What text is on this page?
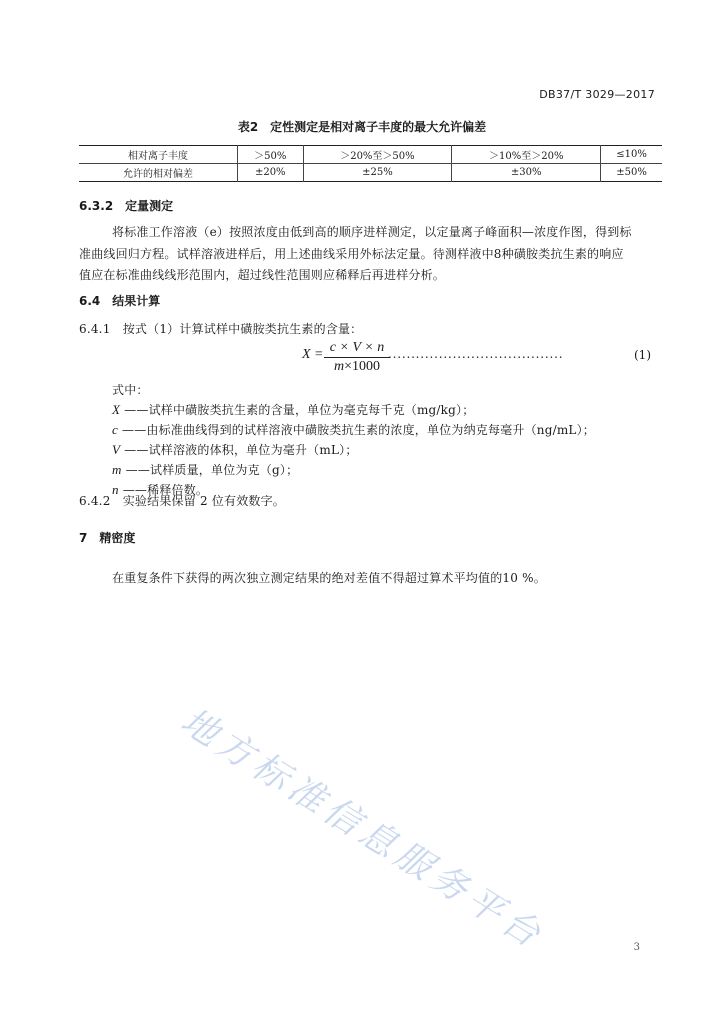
DB37/T 3029—2017
表2　定性测定是相对离子丰度的最大允许偏差
相对离子丰度	＞50%	＞20%至＞50%	＞10%至＞20%	≤10%
允许的相对偏差	±20%	±25%	±30%	±50%
6.3.2　定量测定
将标准工作溶液（e）按照浓度由低到高的顺序进样测定，以定量离子峰面积—浓度作图，得到标
准曲线回归方程。试样溶液进样后，用上述曲线采用外标法定量。待测样液中8种磺胺类抗生素的响应
值应在标准曲线线形范围内，超过线性范围则应稀释后再进样分析。
6.4　结果计算
6.4.1　按式（1）计算试样中磺胺类抗生素的含量：
X = c × V × n
m×1000
......................................	(1)
式中：
X ——试样中磺胺类抗生素的含量，单位为毫克每千克（mg/kg）；
c ——由标准曲线得到的试样溶液中磺胺类抗生素的浓度，单位为纳克每毫升（ng/mL）；
V ——试样溶液的体积，单位为毫升（mL）；
m ——试样质量，单位为克（g）；
n ——稀释倍数。
6.4.2　实验结果保留 2 位有效数字。
7　精密度
在重复条件下获得的两次独立测定结果的绝对差值不得超过算术平均值的10 %。
地方标准信息服务平台	3
